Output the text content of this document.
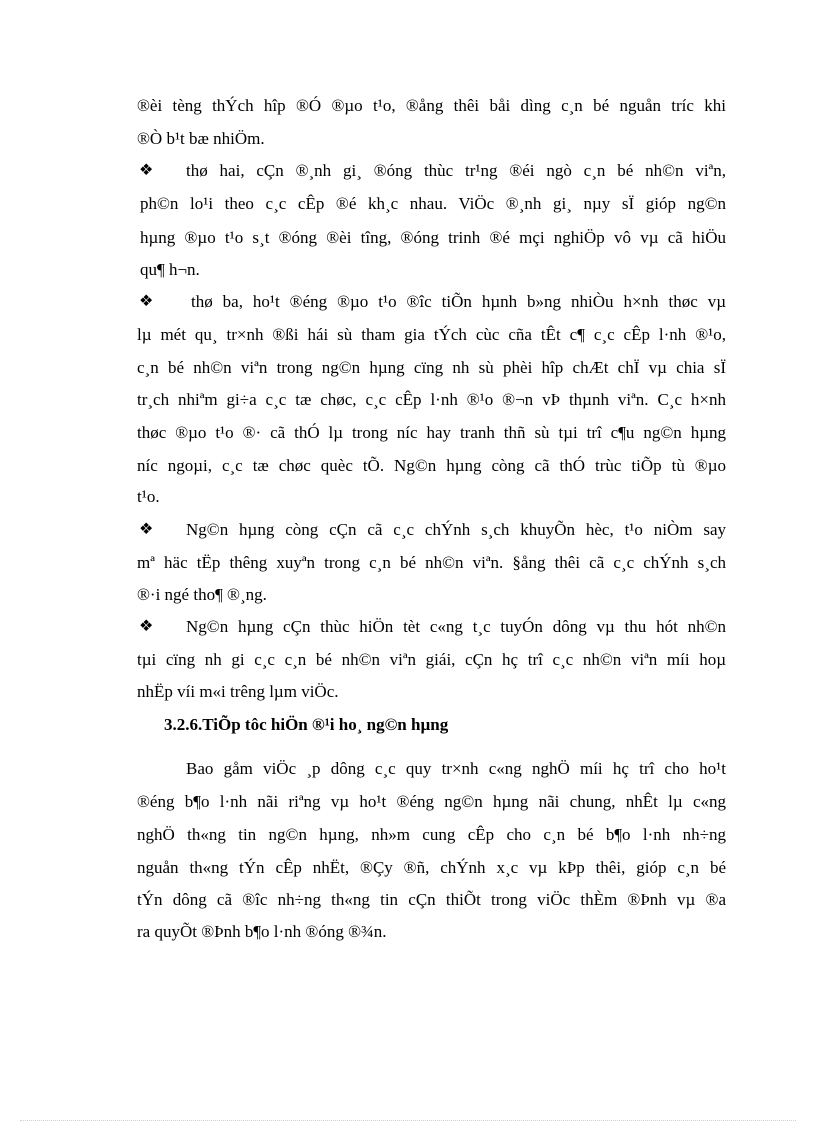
®èi tèng thÝch hîp ®Ó ®µo t¹o, ®ång thêi båi dìng c¸n bé nguån tríc khi
®Ò b¹t bæ nhiÖm.
❖ thø hai, cÇn ®¸nh gi¸ ®óng thùc tr¹ng ®éi ngò c¸n bé nh©n viªn,
ph©n lo¹i theo c¸c cÊp ®é kh¸c nhau. ViÖc ®¸nh gi¸ nµy sÏ gióp ng©n
hµng ®µo t¹o s¸t ®óng ®èi tîng, ®óng trinh ®é mçi nghiÖp vô vµ cã hiÖu
qu¶ h¬n.
❖ thø ba, ho¹t ®éng ®µo t¹o ®îc tiÕn hµnh b»ng nhiÒu h×nh thøc vµ
lµ mét qu¸ tr×nh ®ßi hái sù tham gia tÝch cùc cña tÊt c¶ c¸c cÊp l·nh ®¹o,
c¸n bé nh©n viªn trong ng©n hµng cïng nh sù phèi hîp chÆt chÏ vµ chia sÏ
tr¸ch nhiªm gi÷a c¸c tæ chøc, c¸c cÊp l·nh ®¹o ®¬n vÞ thµnh viªn. C¸c h×nh
thøc ®µo t¹o ®· cã thÓ lµ trong níc hay tranh thñ sù tµi trî c¶u ng©n hµng
níc ngoµi, c¸c tæ chøc quèc tÕ. Ng©n hµng còng cã thÓ trùc tiÕp tù ®µo
t¹o.
❖ Ng©n hµng còng cÇn cã c¸c chÝnh s¸ch khuyÕn hèc, t¹o niÒm say
mª häc tËp thêng xuyªn trong c¸n bé nh©n viªn. §ång thêi cã c¸c chÝnh s¸ch
®·i ngé tho¶ ®¸ng.
❖ Ng©n hµng cÇn thùc hiÖn tèt c«ng t¸c tuyÓn dông vµ thu hót nh©n
tµi cïng nh gi c¸c c¸n bé nh©n viªn giái, cÇn hç trî c¸c nh©n viªn míi hoµ
nhËp víi m«i trêng lµm viÖc.
3.2.6.TiÕp tôc hiÖn ®¹i ho¸ ng©n hµng
Bao gåm viÖc ¸p dông c¸c quy tr×nh c«ng nghÖ míi hç trî cho ho¹t
®éng b¶o l·nh nãi riªng vµ ho¹t ®éng ng©n hµng nãi chung, nhÊt lµ c«ng
nghÖ th«ng tin ng©n hµng, nh»m cung cÊp cho c¸n bé b¶o l·nh nh÷ng
nguån th«ng tÝn cÊp nhËt, ®Çy ®ñ, chÝnh x¸c vµ kÞp thêi, gióp c¸n bé
tÝn dông cã ®îc nh÷ng th«ng tin cÇn thiÕt trong viÖc thÈm ®Þnh vµ ®a
ra quyÕt ®Þnh b¶o l·nh ®óng ®¾n.
